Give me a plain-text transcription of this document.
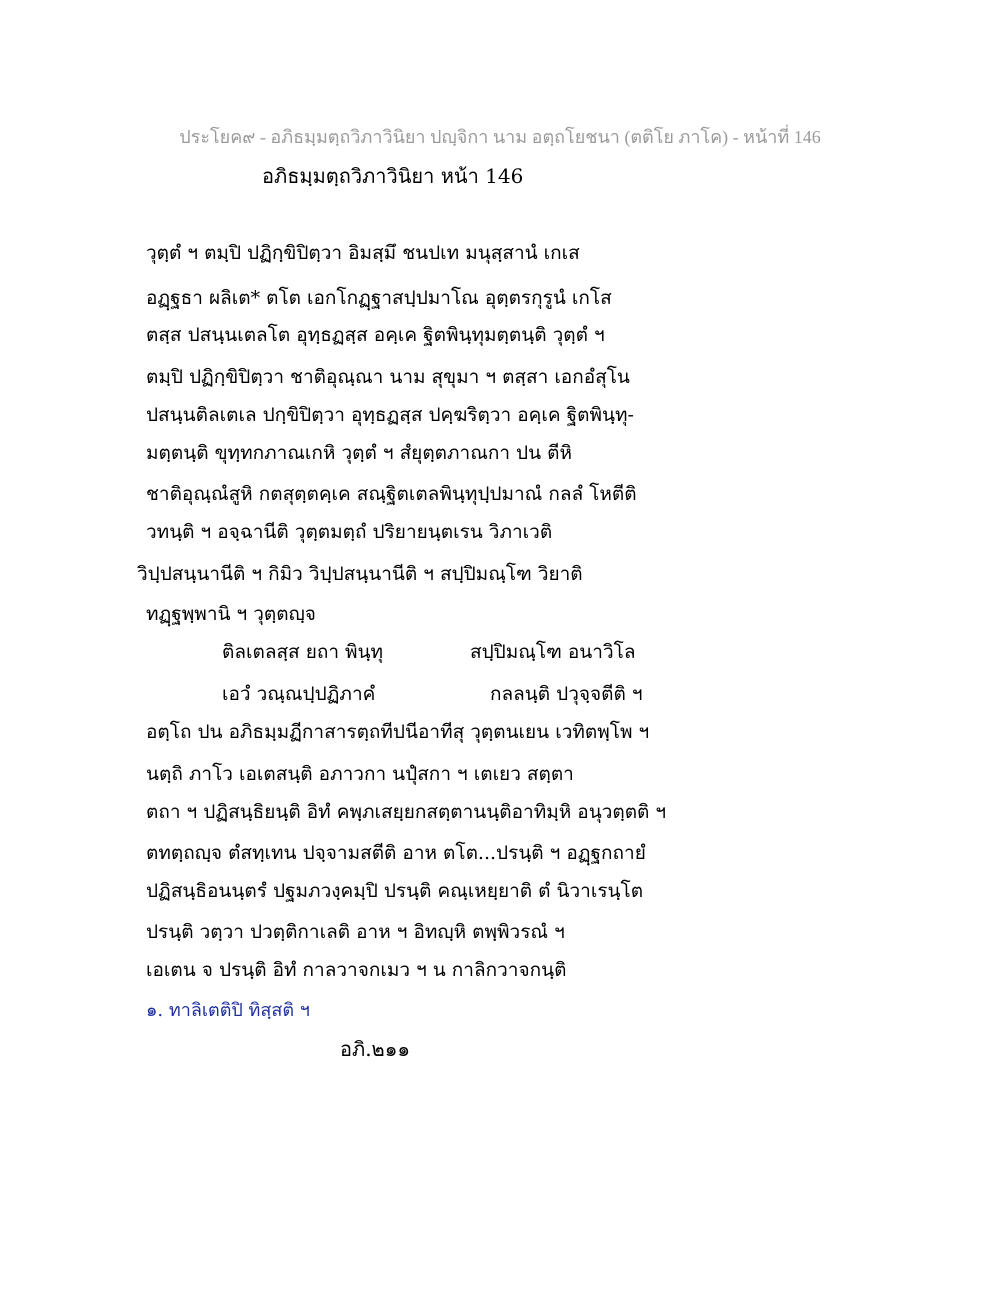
ประโยค๙ - อภิธมฺมตฺถวิภาวินิยา ปญฺจิกา นาม อตฺถโยชนา (ตติโย ภาโค) - หน้าที่ 146
อภิธมฺมตฺถวิภาวินิยา หน้า 146
วุตฺตํ ฯ ตมฺปิ ปฏิกฺขิปิตฺวา อิมสฺมึ ชนปเท มนุสฺสานํ เกเส
อฏฺฐธา ผลิเต* ตโต เอกโกฏฺฐาสปฺปมาโณ อุตฺตรกุรูนํ เกโส
ตสฺส ปสนฺนเตลโต อุทฺธฏสฺส อคฺเค ฐิตพินฺทุมตฺตนฺติ วุตฺตํ ฯ
ตมฺปิ ปฏิกฺขิปิตฺวา ชาติอุณฺณา นาม สุขุมา ฯ ตสฺสา เอกอํสุโน
ปสนฺนติลเตเล ปกฺขิปิตฺวา อุทฺธฏสฺส ปคฺฆริตฺวา อคฺเค ฐิตพินฺทุ-
มตฺตนฺติ ขุทฺทกภาณเกหิ วุตฺตํ ฯ สํยุตฺตภาณกา ปน ตีหิ
ชาติอุณฺณํสูหิ กตสุตฺตคฺเค สณฺฐิตเตลพินฺทุปฺปมาณํ กลลํ โหตีติ
วทนฺติ ฯ อจฺฉานีติ วุตฺตมตฺถํ ปริยายนฺตเรน วิภาเวติ
วิปฺปสนฺนานีติ ฯ กิมิว วิปฺปสนฺนานีติ ฯ สปฺปิมณฺโฑ วิยาติ
ทฏฺฐพฺพานิ ฯ วุตฺตญฺจ
ติลเตลสฺส ยถา พินฺทุ	สปฺปิมณฺโฑ อนาวิโล
เอวํ วณฺณปฺปฏิภาคํ	กลลนฺติ ปวุจฺจตีติ ฯ
อตฺโถ ปน อภิธมฺมฏีกาสารตฺถทีปนีอาทีสุ วุตฺตนเยน เวทิตพฺโพ ฯ
นตฺถิ ภาโว เอเตสนฺติ อภาวกา นปุํสกา ฯ เตเยว สตฺตา
ตถา ฯ ปฏิสนฺธิยนฺติ อิทํ คพฺภเสยฺยกสตฺตานนฺติอาทิมฺหิ อนุวตฺตติ ฯ
ตทตฺถญฺจ ตํสทฺเทน ปจฺจามสตีติ อาห ตโต...ปรนฺติ ฯ อฏฺฐกถายํ
ปฏิสนฺธิอนนฺตรํ ปฐมภวงฺคมฺปิ ปรนฺติ คณฺเหยฺยาติ ตํ นิวาเรนฺโต
ปรนฺติ วตฺวา ปวตฺติกาเลติ อาห ฯ อิทญฺหิ ตพฺพิวรณํ ฯ
เอเตน จ ปรนฺติ อิทํ กาลวาจกเมว ฯ น กาลิกวาจกนฺติ
๑. ทาลิเตติปิ ทิสฺสติ ฯ
อภิ.๒๑๑
